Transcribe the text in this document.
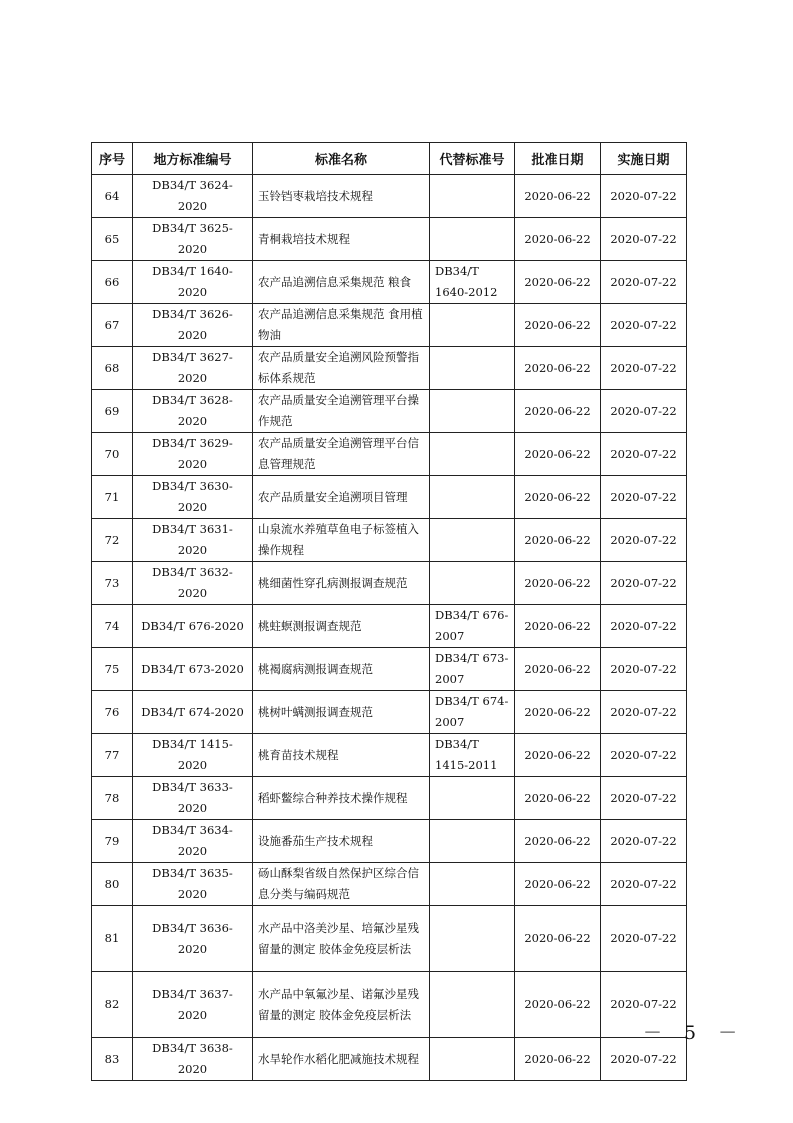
序号	地方标准编号	标准名称	代替标准号	批准日期	实施日期
64	DB34/T 3624-2020	玉铃铛枣栽培技术规程		2020-06-22	2020-07-22
65	DB34/T 3625-2020	青桐栽培技术规程		2020-06-22	2020-07-22
66	DB34/T 1640-2020	农产品追溯信息采集规范 粮食	DB34/T 1640-2012	2020-06-22	2020-07-22
67	DB34/T 3626-2020	农产品追溯信息采集规范 食用植物油		2020-06-22	2020-07-22
68	DB34/T 3627-2020	农产品质量安全追溯风险预警指标体系规范		2020-06-22	2020-07-22
69	DB34/T 3628-2020	农产品质量安全追溯管理平台操作规范		2020-06-22	2020-07-22
70	DB34/T 3629-2020	农产品质量安全追溯管理平台信息管理规范		2020-06-22	2020-07-22
71	DB34/T 3630-2020	农产品质量安全追溯项目管理		2020-06-22	2020-07-22
72	DB34/T 3631-2020	山泉流水养殖草鱼电子标签植入操作规程		2020-06-22	2020-07-22
73	DB34/T 3632-2020	桃细菌性穿孔病测报调查规范		2020-06-22	2020-07-22
74	DB34/T 676-2020	桃蛀螟测报调查规范	DB34/T 676-2007	2020-06-22	2020-07-22
75	DB34/T 673-2020	桃褐腐病测报调查规范	DB34/T 673-2007	2020-06-22	2020-07-22
76	DB34/T 674-2020	桃树叶螨测报调查规范	DB34/T 674-2007	2020-06-22	2020-07-22
77	DB34/T 1415-2020	桃育苗技术规程	DB34/T 1415-2011	2020-06-22	2020-07-22
78	DB34/T 3633-2020	稻虾鳖综合种养技术操作规程		2020-06-22	2020-07-22
79	DB34/T 3634-2020	设施番茄生产技术规程		2020-06-22	2020-07-22
80	DB34/T 3635-2020	砀山酥梨省级自然保护区综合信息分类与编码规范		2020-06-22	2020-07-22
81	DB34/T 3636-2020	水产品中洛美沙星、培氟沙星残留量的测定 胶体金免疫层析法		2020-06-22	2020-07-22
82	DB34/T 3637-2020	水产品中氧氟沙星、诺氟沙星残留量的测定 胶体金免疫层析法		2020-06-22	2020-07-22
83	DB34/T 3638-2020	水旱轮作水稻化肥减施技术规程		2020-06-22	2020-07-22
－ 5 －
